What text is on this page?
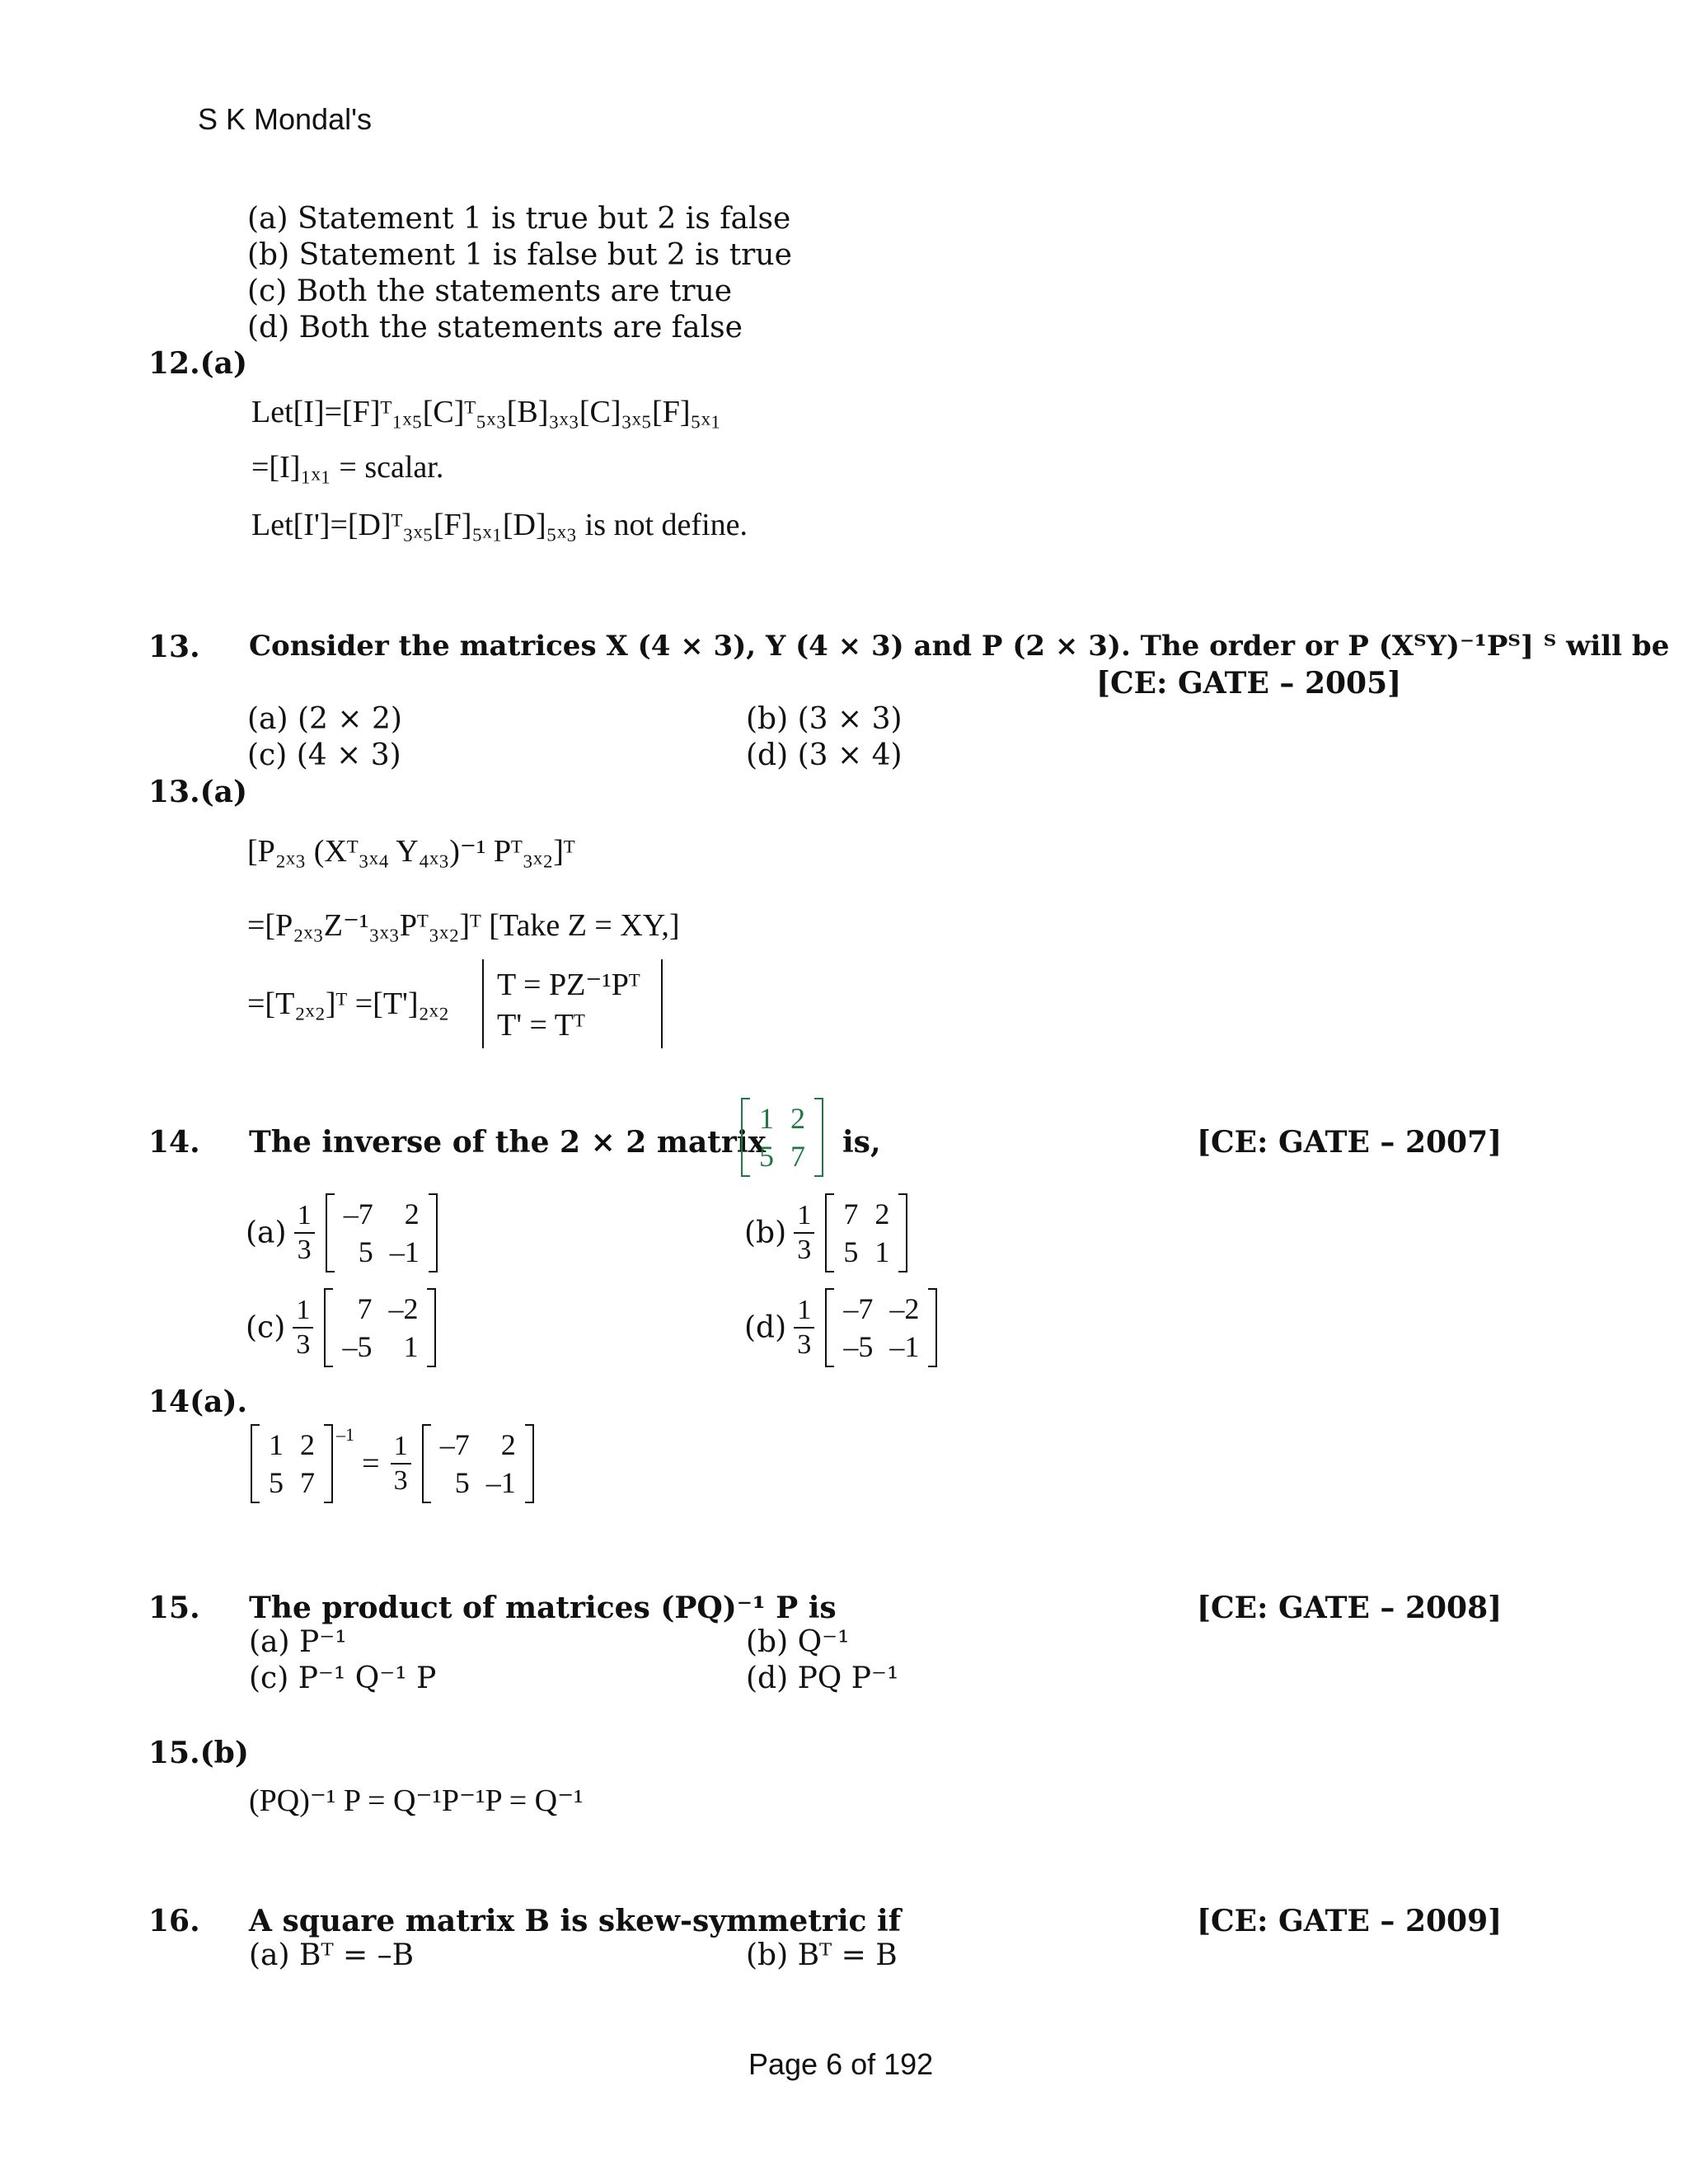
S K Mondal's
(a) Statement 1 is true but 2 is false
(b) Statement 1 is false but 2 is true
(c) Both the statements are true
(d) Both the statements are false
12.(a)
Let[I]=[F]ᵀ₁ₓ₅[C]ᵀ₅ₓ₃[B]₃ₓ₃[C]₃ₓ₅[F]₅ₓ₁
=[I]₁ₓ₁ = scalar.
Let[I']=[D]ᵀ₃ₓ₅[F]₅ₓ₁[D]₅ₓ₃ is not define.
13. Consider the matrices X (4 × 3), Y (4 × 3) and P (2 × 3). The order or P (XᵀY)⁻¹Pᵀ] ᵀ will be
[CE: GATE – 2005]
(a) (2 × 2)	(b) (3 × 3)
(c) (4 × 3)	(d) (3 × 4)
13.(a)
[P₂ₓ₃ (Xᵀ₃ₓ₄ Y₄ₓ₃)⁻¹ Pᵀ₃ₓ₂]ᵀ
=[P₂ₓ₃Z⁻¹₃ₓ₃Pᵀ₃ₓ₂]ᵀ [Take Z = XY,]
=[T₂ₓ₂]ᵀ =[T']₂ₓ₂
T = PZ⁻¹Pᵀ
T' = Tᵀ
14. The inverse of the 2 × 2 matrix
1	2
5	7 is,	[CE: GATE – 2007]
$(a) \frac{1}{3}$
–7	2
5	–1
$(b) \frac{1}{3}$
7	2
5	1
$(c) \frac{1}{3}$
7	–2
–5	1
$(d) \frac{1}{3}$
–7	–2
–5	–1
14(a).
1	2
5	7
$^{-1} = \frac{1}{3}$
–7	2
5	–1
15. The product of matrices (PQ)⁻¹ P is	[CE: GATE – 2008]
(a) P⁻¹	(b) Q⁻¹
(c) P⁻¹ Q⁻¹ P	(d) PQ P⁻¹
15.(b)
(PQ)⁻¹ P = Q⁻¹P⁻¹P = Q⁻¹
16. A square matrix B is skew-symmetric if	[CE: GATE – 2009]
(a) Bᵀ = –B	(b) Bᵀ = B
Page 6 of 192
